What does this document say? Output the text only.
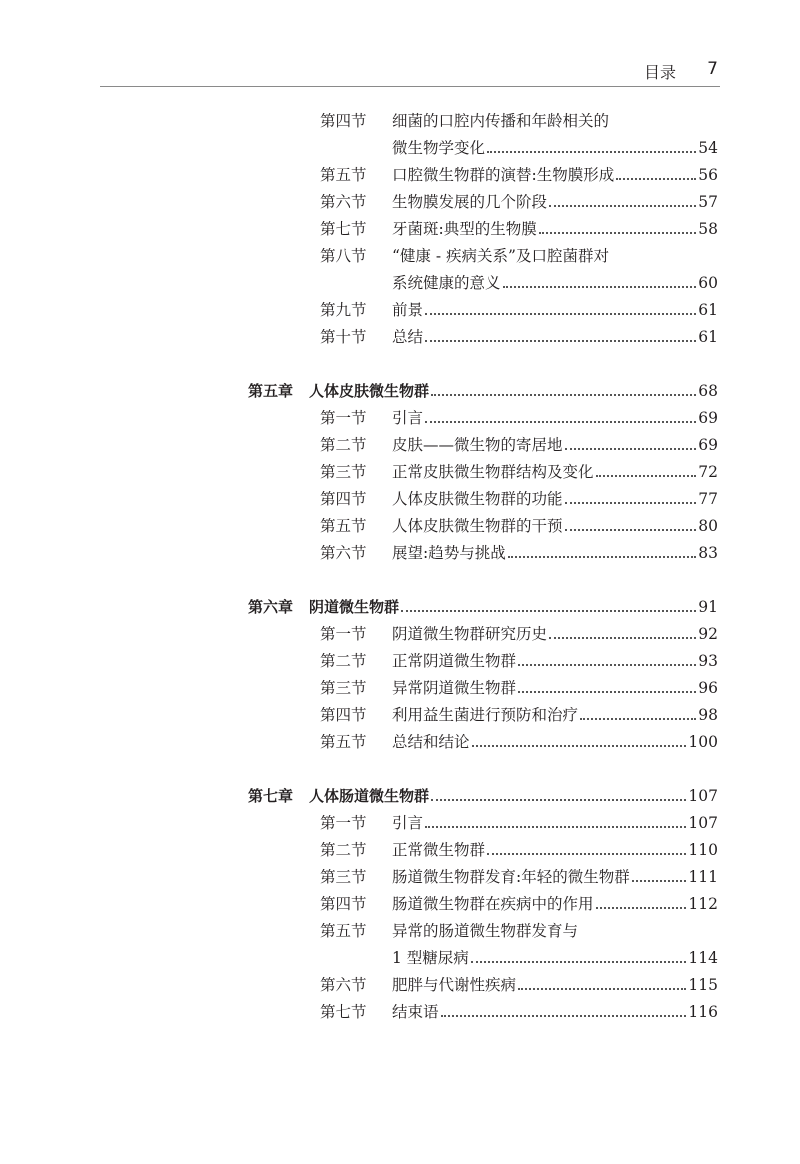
目录 7
第四节	细菌的口腔内传播和年龄相关的
微生物学变化	54
第五节	口腔微生物群的演替:生物膜形成	56
第六节	生物膜发展的几个阶段	57
第七节	牙菌斑:典型的生物膜	58
第八节	“健康 - 疾病关系”及口腔菌群对
系统健康的意义	60
第九节	前景	61
第十节	总结	61
第五章 人体皮肤微生物群	68
第一节	引言	69
第二节	皮肤——微生物的寄居地	69
第三节	正常皮肤微生物群结构及变化	72
第四节	人体皮肤微生物群的功能	77
第五节	人体皮肤微生物群的干预	80
第六节	展望:趋势与挑战	83
第六章 阴道微生物群	91
第一节	阴道微生物群研究历史	92
第二节	正常阴道微生物群	93
第三节	异常阴道微生物群	96
第四节	利用益生菌进行预防和治疗	98
第五节	总结和结论	100
第七章 人体肠道微生物群	107
第一节	引言	107
第二节	正常微生物群	110
第三节	肠道微生物群发育:年轻的微生物群	111
第四节	肠道微生物群在疾病中的作用	112
第五节	异常的肠道微生物群发育与
1 型糖尿病	114
第六节	肥胖与代谢性疾病	115
第七节	结束语	116
